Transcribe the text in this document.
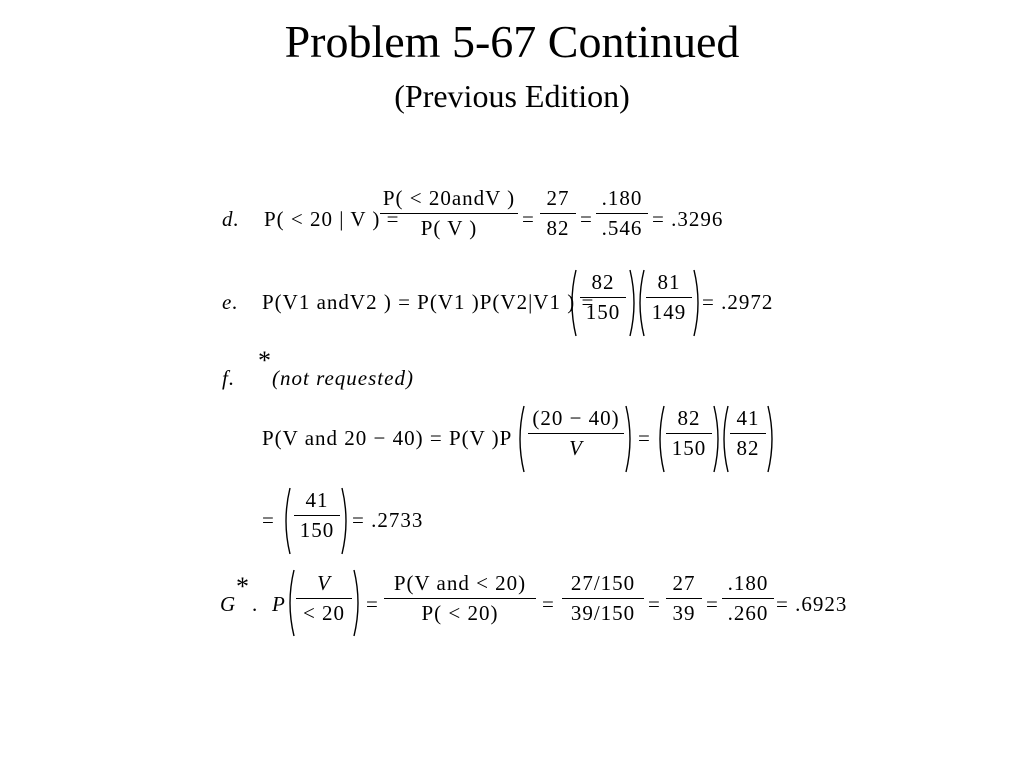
Problem 5-67 Continued
(Previous Edition)
d. P( < 20 | V ) =
P( < 20andV )
P( V ) =
27
82 =
.180
.546 = .3296
e. P(V1 andV2 ) = P(V1 )P(V2|V1 ) =
82
150
81
149 = .2972
f.
*
(not requested)
P(V and 20 − 40) = P(V )P
(20 − 40)
V	=
82
150
41
82
=
41
150 = .2733
G
*
. P
V
< 20 =
P(V and < 20)
P( < 20) =
27/150
39/150 =
27
39 =
.180
.260 = .6923
